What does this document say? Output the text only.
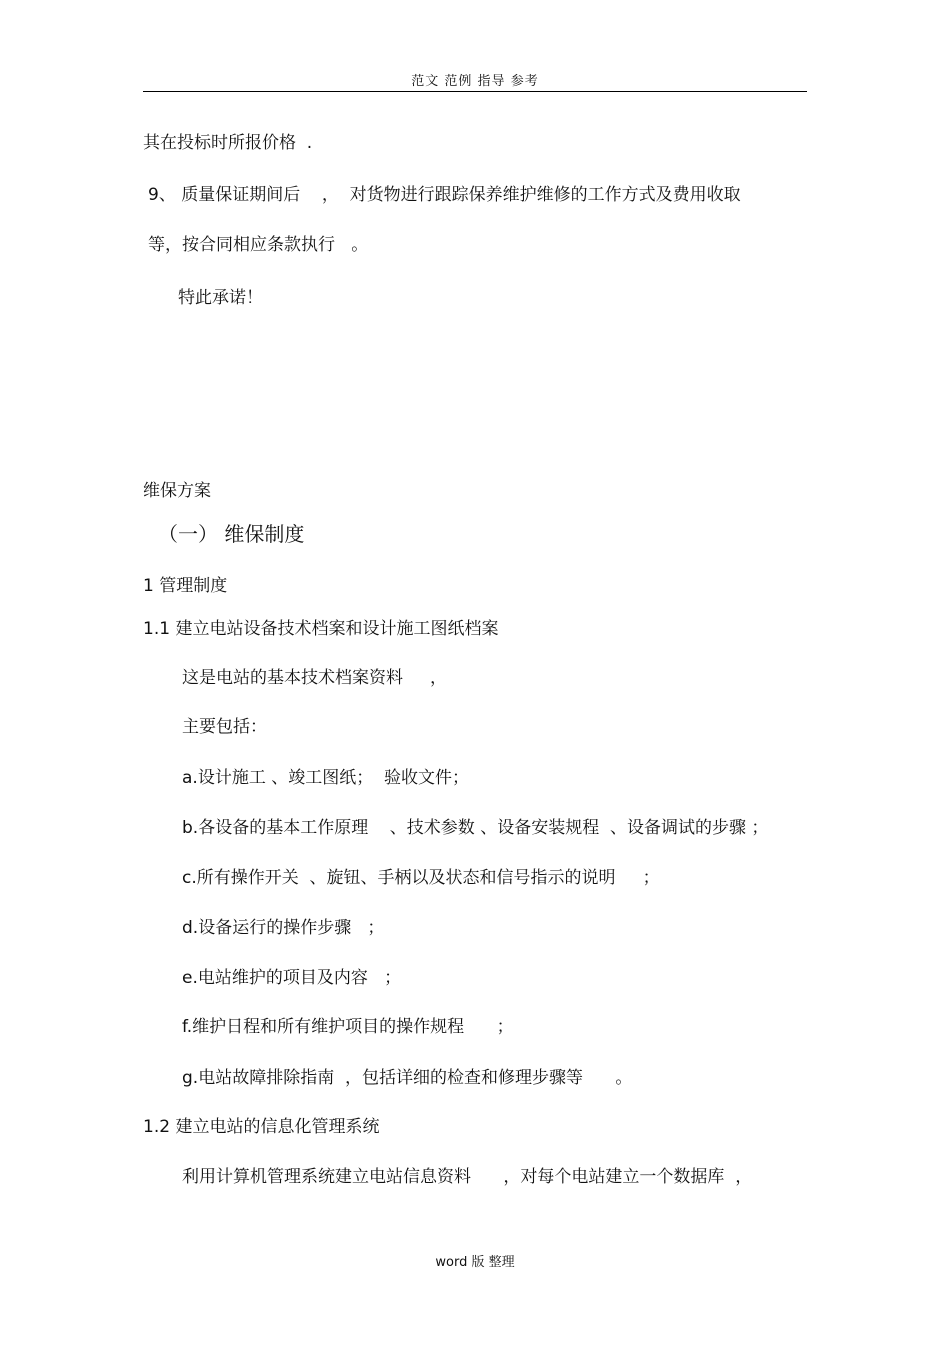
范文 范例 指导 参考
其在投标时所报价格  .
9、 质量保证期间后    ，  对货物进行跟踪保养维护维修的工作方式及费用收取
等，按合同相应条款执行   。
特此承诺！
维保方案
（一） 维保制度
1 管理制度
1.1 建立电站设备技术档案和设计施工图纸档案
这是电站的基本技术档案资料     ，
主要包括：
a.设计施工 、竣工图纸；  验收文件；
b.各设备的基本工作原理    、技术参数 、设备安装规程  、设备调试的步骤 ；
c.所有操作开关  、旋钮、手柄以及状态和信号指示的说明     ；
d.设备运行的操作步骤   ；
e.电站维护的项目及内容   ；
f.维护日程和所有维护项目的操作规程      ；
g.电站故障排除指南  ，包括详细的检查和修理步骤等      。
1.2 建立电站的信息化管理系统
利用计算机管理系统建立电站信息资料      ，对每个电站建立一个数据库  ，
word 版 整理
